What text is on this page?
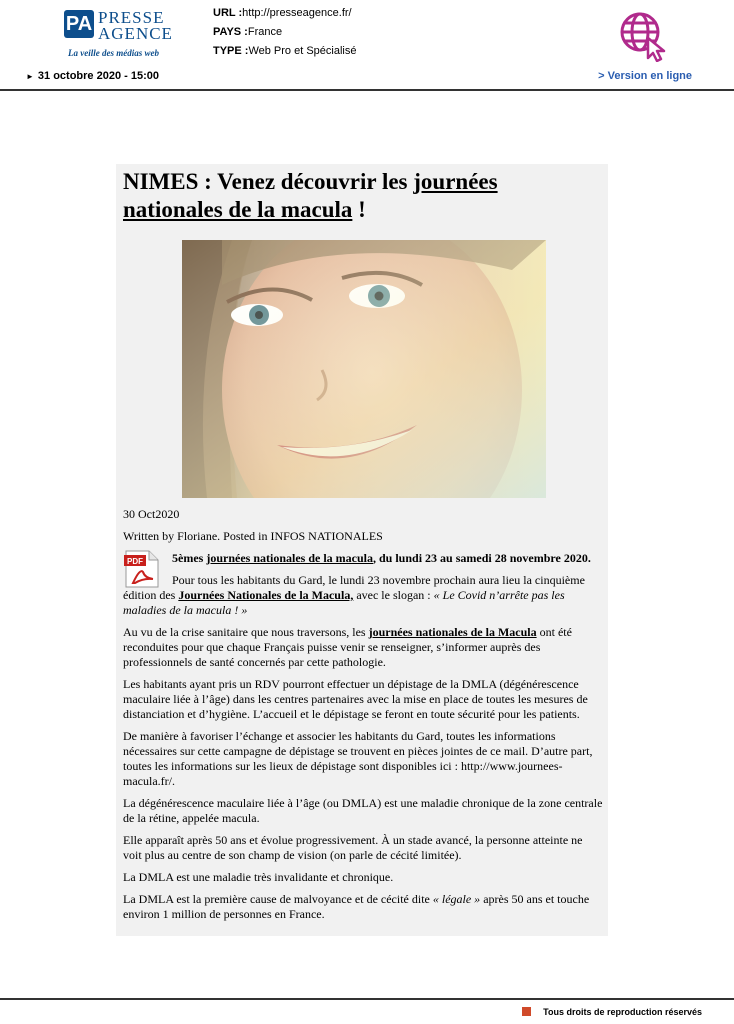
PA PRESSE
AGENCE
La veille des médias web
URL :http://presseagence.fr/
PAYS :France
TYPE :Web Pro et Spécialisé
► 31 octobre 2020 - 15:00	> Version en ligne
NIMES : Venez découvrir les journées nationales de la macula !

30 Oct2020

Written by Floriane. Posted in INFOS NATIONALES

PDF	5èmes journées nationales de la macula, du lundi 23 au samedi 28 novembre 2020.

Pour tous les habitants du Gard, le lundi 23 novembre prochain aura lieu la cinquième édition des Journées Nationales de la Macula, avec le slogan : « Le Covid n’arrête pas les maladies de la macula ! »

Au vu de la crise sanitaire que nous traversons, les journées nationales de la Macula ont été reconduites pour que chaque Français puisse venir se renseigner, s’informer auprès des professionnels de santé concernés par cette pathologie.

Les habitants ayant pris un RDV pourront effectuer un dépistage de la DMLA (dégénérescence maculaire liée à l’âge) dans les centres partenaires avec la mise en place de toutes les mesures de distanciation et d’hygiène. L’accueil et le dépistage se feront en toute sécurité pour les patients.

De manière à favoriser l’échange et associer les habitants du Gard, toutes les informations nécessaires sur cette campagne de dépistage se trouvent en pièces jointes de ce mail. D’autre part, toutes les informations sur les lieux de dépistage sont disponibles ici : http://www.journees-macula.fr/.

La dégénérescence maculaire liée à l’âge (ou DMLA) est une maladie chronique de la zone centrale de la rétine, appelée macula.

Elle apparaît après 50 ans et évolue progressivement. À un stade avancé, la personne atteinte ne voit plus au centre de son champ de vision (on parle de cécité limitée).

La DMLA est une maladie très invalidante et chronique.

La DMLA est la première cause de malvoyance et de cécité dite « légale » après 50 ans et touche environ 1 million de personnes en France.

Tous droits de reproduction réservés
